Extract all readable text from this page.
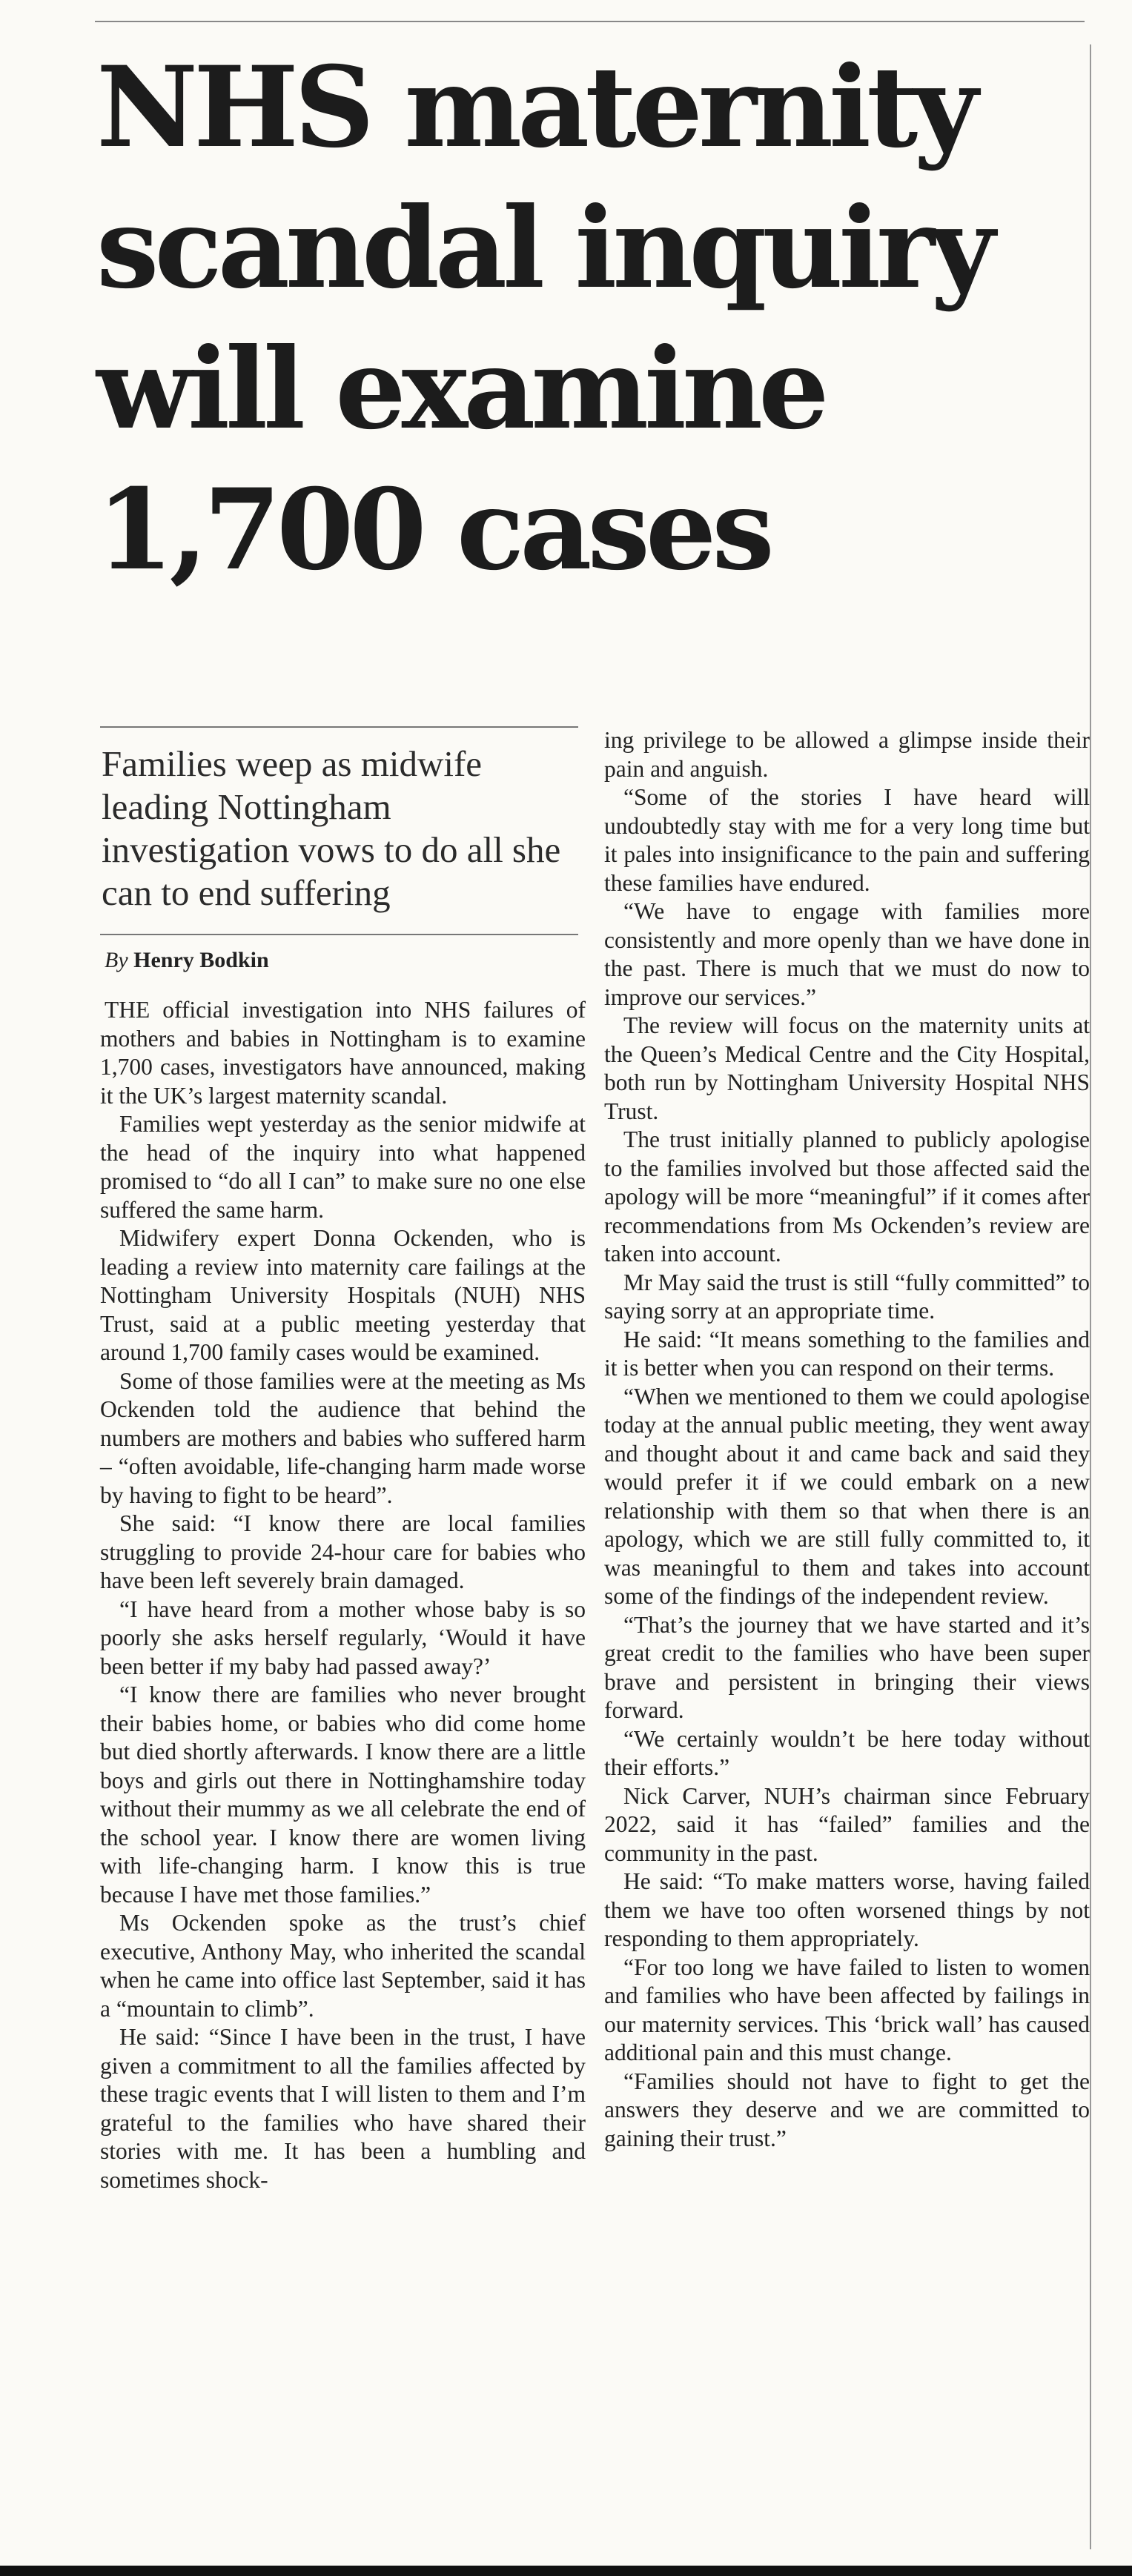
NHS maternity scandal inquiry will examine 1,700 cases

Families weep as midwife leading Nottingham investigation vows to do all she can to end suffering

By Henry Bodkin

THE official investigation into NHS failures of mothers and babies in Nottingham is to examine 1,700 cases, investigators have announced, making it the UK’s largest maternity scandal.

Families wept yesterday as the senior midwife at the head of the inquiry into what happened promised to “do all I can” to make sure no one else suffered the same harm.

Midwifery expert Donna Ockenden, who is leading a review into maternity care failings at the Nottingham University Hospitals (NUH) NHS Trust, said at a public meeting yesterday that around 1,700 family cases would be examined.

Some of those families were at the meeting as Ms Ockenden told the audience that behind the numbers are mothers and babies who suffered harm – “often avoidable, life-changing harm made worse by having to fight to be heard”.

She said: “I know there are local families struggling to provide 24-hour care for babies who have been left severely brain damaged.

“I have heard from a mother whose baby is so poorly she asks herself regularly, ‘Would it have been better if my baby had passed away?’

“I know there are families who never brought their babies home, or babies who did come home but died shortly afterwards. I know there are a little boys and girls out there in Nottinghamshire today without their mummy as we all celebrate the end of the school year. I know there are women living with life-changing harm. I know this is true because I have met those families.”

Ms Ockenden spoke as the trust’s chief executive, Anthony May, who inherited the scandal when he came into office last September, said it has a “mountain to climb”.

He said: “Since I have been in the trust, I have given a commitment to all the families affected by these tragic events that I will listen to them and I’m grateful to the families who have shared their stories with me. It has been a humbling and sometimes shock-

ing privilege to be allowed a glimpse inside their pain and anguish.

“Some of the stories I have heard will undoubtedly stay with me for a very long time but it pales into insignificance to the pain and suffering these families have endured.

“We have to engage with families more consistently and more openly than we have done in the past. There is much that we must do now to improve our services.”

The review will focus on the maternity units at the Queen’s Medical Centre and the City Hospital, both run by Nottingham University Hospital NHS Trust.

The trust initially planned to publicly apologise to the families involved but those affected said the apology will be more “meaningful” if it comes after recommendations from Ms Ockenden’s review are taken into account.

Mr May said the trust is still “fully committed” to saying sorry at an appropriate time.

He said: “It means something to the families and it is better when you can respond on their terms.

“When we mentioned to them we could apologise today at the annual public meeting, they went away and thought about it and came back and said they would prefer it if we could embark on a new relationship with them so that when there is an apology, which we are still fully committed to, it was meaningful to them and takes into account some of the findings of the independent review.

“That’s the journey that we have started and it’s great credit to the families who have been super brave and persistent in bringing their views forward.

“We certainly wouldn’t be here today without their efforts.”

Nick Carver, NUH’s chairman since February 2022, said it has “failed” families and the community in the past.

He said: “To make matters worse, having failed them we have too often worsened things by not responding to them appropriately.

“For too long we have failed to listen to women and families who have been affected by failings in our maternity services. This ‘brick wall’ has caused additional pain and this must change.

“Families should not have to fight to get the answers they deserve and we are committed to gaining their trust.”
